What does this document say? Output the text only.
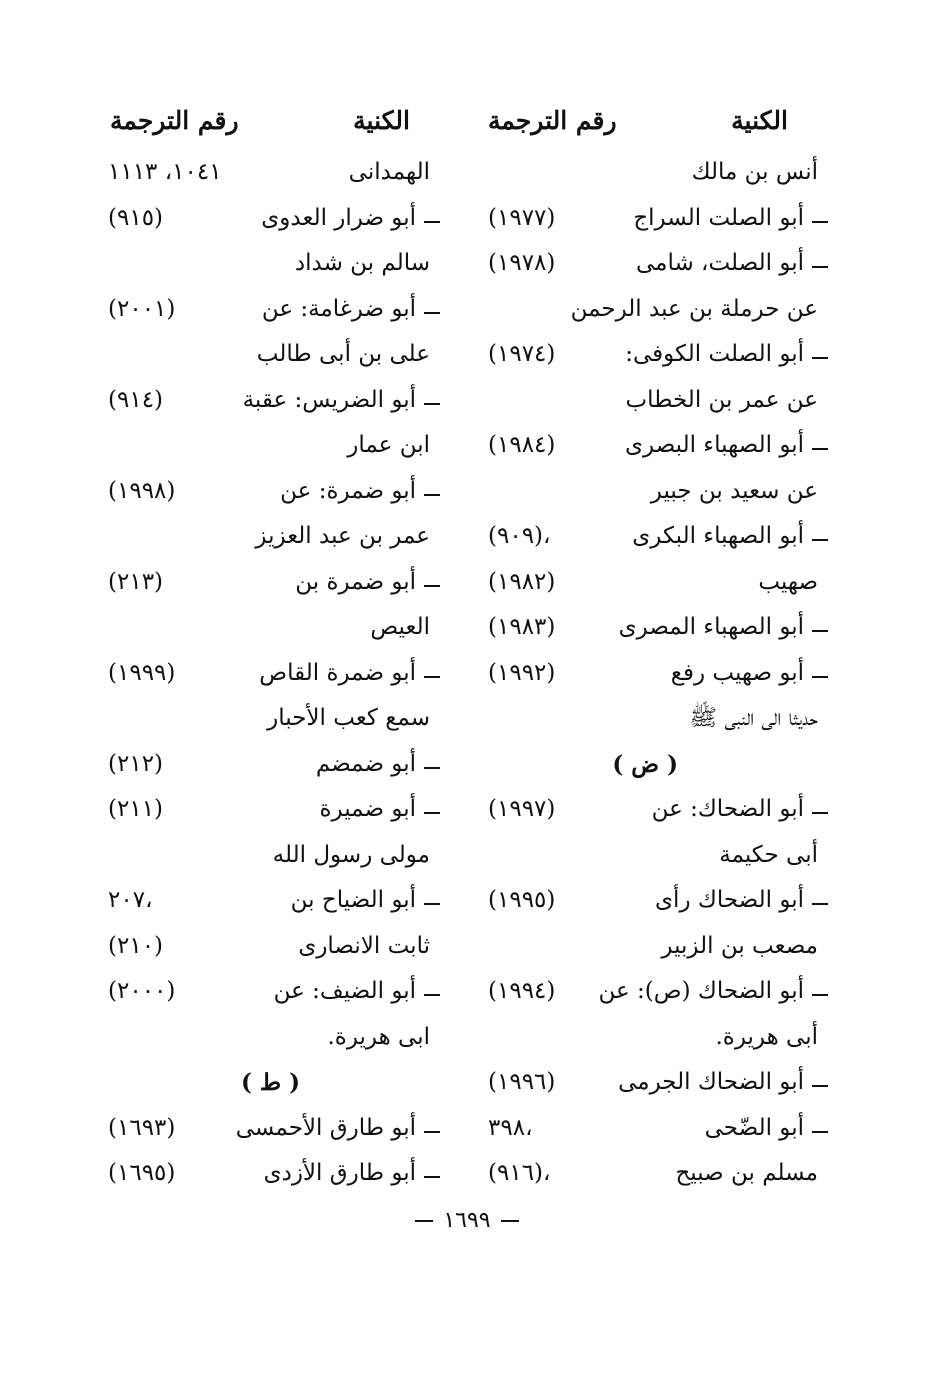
الكنية
رقم الترجمة
أنس بن مالك
أبو الصلت السراج
(١٩٧٧)
أبو الصلت، شامى
(١٩٧٨)
عن حرملة بن عبد الرحمن
أبو الصلت الكوفى:
(١٩٧٤)
عن عمر بن الخطاب
أبو الصهباء البصرى
(١٩٨٤)
عن سعيد بن جبير
أبو الصهباء البكرى
(٩٠٩)،
صهيب
(١٩٨٢)
أبو الصهباء المصرى
(١٩٨٣)
أبو صهيب رفع
(١٩٩٢)
حديثا الى النبى ﷺ
( ض )
أبو الضحاك: عن
(١٩٩٧)
أبى حكيمة
أبو الضحاك رأى
(١٩٩٥)
مصعب بن الزبير
أبو الضحاك (ص): عن
(١٩٩٤)
أبى هريرة.
أبو الضحاك الجرمى
(١٩٩٦)
أبو الضّحى
٣٩٨،
مسلم بن صبيح
(٩١٦)،
الكنية
رقم الترجمة
الهمدانى
١٠٤١، ١١١٣
أبو ضرار العدوى
(٩١٥)
سالم بن شداد
أبو ضرغامة: عن
(٢٠٠١)
على بن أبى طالب
أبو الضريس: عقبة
(٩١٤)
ابن عمار
أبو ضمرة: عن
(١٩٩٨)
عمر بن عبد العزيز
أبو ضمرة بن
(٢١٣)
العيص
أبو ضمرة القاص
(١٩٩٩)
سمع كعب الأحبار
أبو ضمضم
(٢١٢)
أبو ضميرة
(٢١١)
مولى رسول الله
أبو الضياح بن
٢٠٧،
ثابت الانصارى
(٢١٠)
أبو الضيف: عن
(٢٠٠٠)
ابى هريرة.
( ط )
أبو طارق الأحمسى
(١٦٩٣)
أبو طارق الأزدى
(١٦٩٥)
١٦٩٩
